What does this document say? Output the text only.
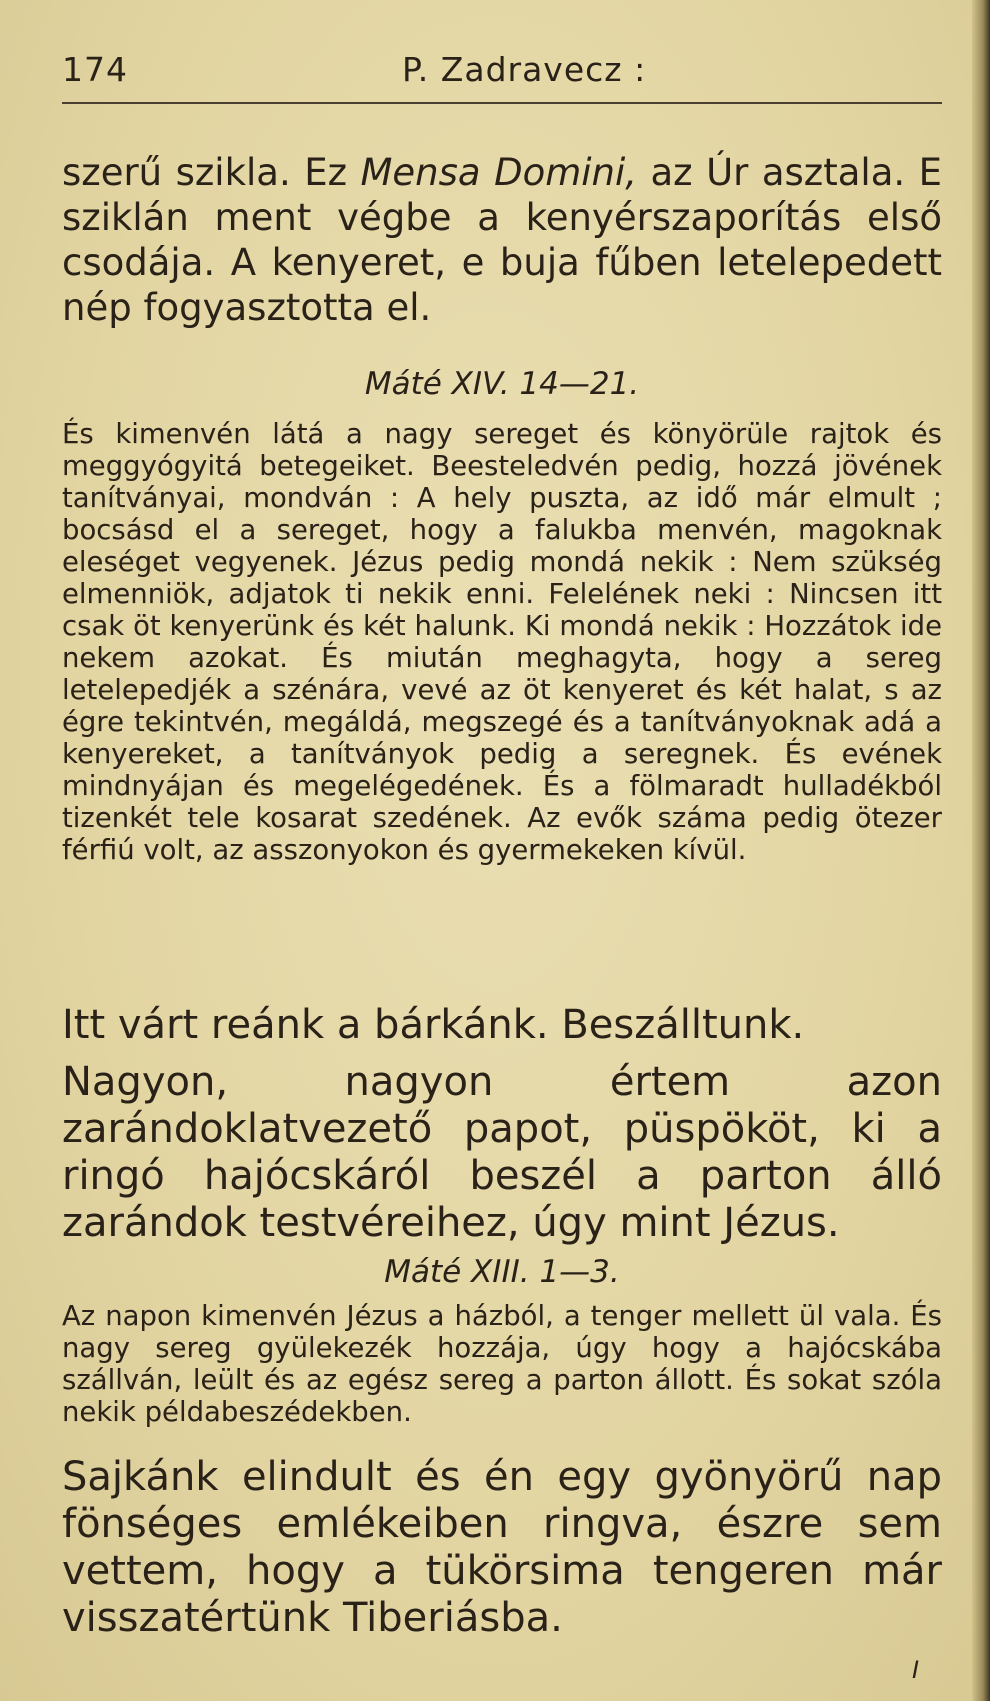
174	P. Zadravecz :
szerű szikla. Ez Mensa Domini, az Úr asztala. E sziklán ment végbe a kenyérszaporítás első csodája. A kenyeret, e buja fűben letelepedett nép fogyasztotta el.
Máté XIV. 14—21.
És kimenvén látá a nagy sereget és könyörüle rajtok és meggyógyitá betegeiket. Beesteledvén pedig, hozzá jövének tanítványai, mondván : A hely puszta, az idő már elmult ; bocsásd el a sereget, hogy a falukba menvén, magoknak eleséget vegyenek. Jézus pedig mondá nekik : Nem szükség elmenniök, adjatok ti nekik enni. Felelének neki : Nincsen itt csak öt kenyerünk és két halunk. Ki mondá nekik : Hozzátok ide nekem azokat. És miután meghagyta, hogy a sereg letelepedjék a szénára, vevé az öt kenyeret és két halat, s az égre tekintvén, megáldá, megszegé és a tanítványoknak adá a kenyereket, a tanítványok pedig a seregnek. És evének mindnyájan és megelégedének. És a fölmaradt hulladékból tizenkét tele kosarat szedének. Az evők száma pedig ötezer férfiú volt, az asszonyokon és gyermekeken kívül.
Itt várt reánk a bárkánk. Beszálltunk.
Nagyon, nagyon értem azon zarándoklatvezető papot, püspököt, ki a ringó hajócskáról beszél a parton álló zarándok testvéreihez, úgy mint Jézus.
Máté XIII. 1—3.
Az napon kimenvén Jézus a házból, a tenger mellett ül vala. És nagy sereg gyülekezék hozzája, úgy hogy a hajócskába szállván, leült és az egész sereg a parton állott. És sokat szóla nekik példabeszédekben.
Sajkánk elindult és én egy gyönyörű nap fönséges emlékeiben ringva, észre sem vettem, hogy a tükörsima tengeren már visszatértünk Tiberiásba.
I
